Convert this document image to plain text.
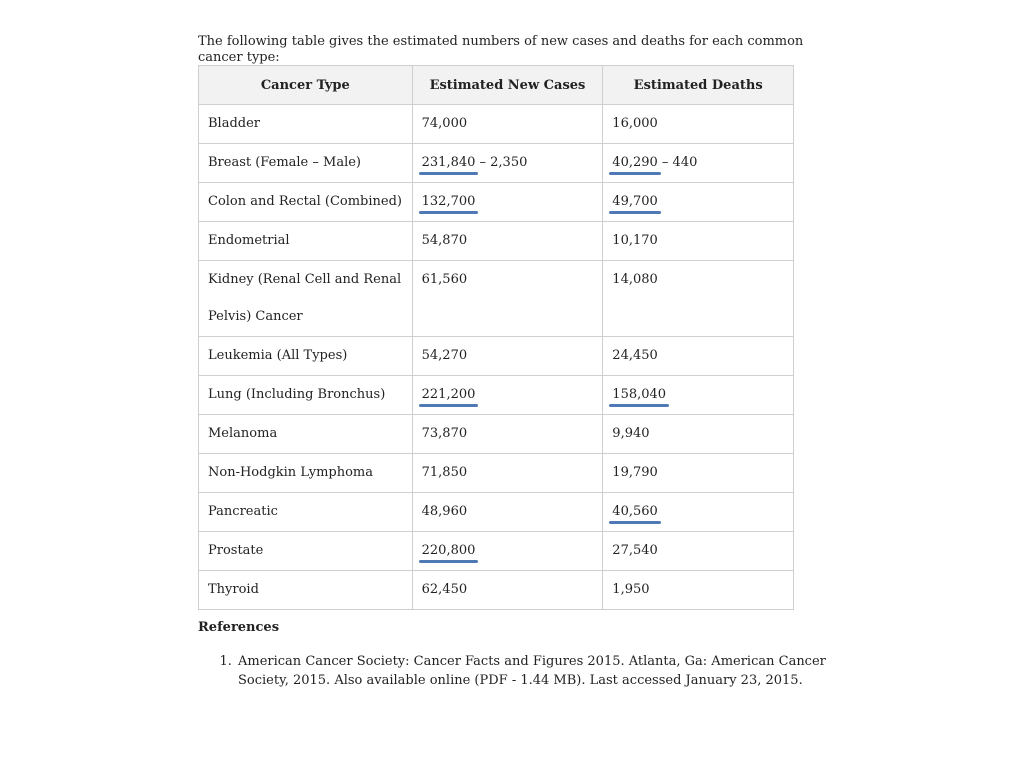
The following table gives the estimated numbers of new cases and deaths for each common cancer type:

Cancer Type	Estimated New Cases	Estimated Deaths
Bladder	74,000	16,000
Breast (Female – Male)	231,840 – 2,350	40,290 – 440
Colon and Rectal (Combined)	132,700	49,700
Endometrial	54,870	10,170
Kidney (Renal Cell and Renal Pelvis) Cancer	61,560	14,080
Leukemia (All Types)	54,270	24,450
Lung (Including Bronchus)	221,200	158,040
Melanoma	73,870	9,940
Non-Hodgkin Lymphoma	71,850	19,790
Pancreatic	48,960	40,560
Prostate	220,800	27,540
Thyroid	62,450	1,950
References
1. American Cancer Society: Cancer Facts and Figures 2015. Atlanta, Ga: American Cancer Society, 2015. Also available online (PDF - 1.44 MB). Last accessed January 23, 2015.
